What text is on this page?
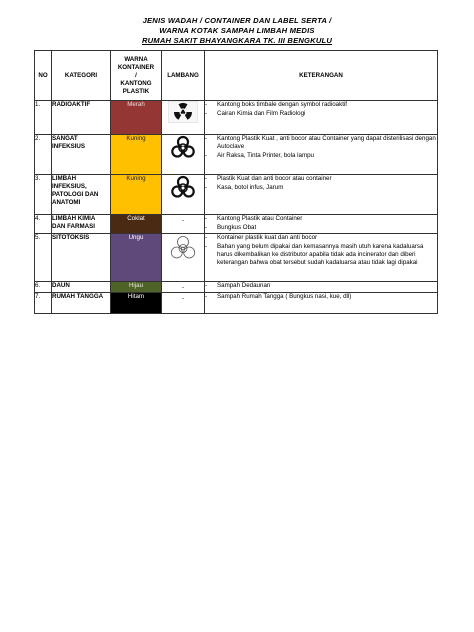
JENIS WADAH / CONTAINER DAN LABEL SERTA /
WARNA KOTAK SAMPAH LIMBAH MEDIS
RUMAH SAKIT BHAYANGKARA TK. III BENGKULU
NO	KATEGORI	WARNA
KONTAINER
/
KANTONG
PLASTIK	LAMBANG	KETERANGAN
1.	RADIOAKTIF	Merah		- Kantong boks timbale dengan symbol radioaktif
- Cairan Kimia dan Film Radiologi

2.	SANGAT INFEKSIUS	Kuning		- Kantong Plastik Kuat , anti bocor atau Container yang dapat disterilisasi dengan Autoclave
- Air Raksa, Tinta Printer, bola lampu

3.	LIMBAH INFEKSIUS, PATOLOGI DAN ANATOMI	Kuning		- Plastik Kuat dan anti bocor atau container
- Kasa, botol infus, Jarum

4.	LIMBAH KIMIA DAN FARMASI	Coklat	-	- Kantong Plastik atau Container
- Bungkus Obat

5.	SITOTOKSIS	Ungu		- Kontainer plastik kuat dan anti bocor
- Bahan yang belum dipakai dan kemasannya masih utuh karena kadaluarsa harus dikembalikan ke distributor apabila tidak ada incinerator dan diberi keterangan bahwa obat tersebut sudah kadaluarsa atau tidak lagi dipakai

6.	DAUN	Hijau	-	- Sampah Dedaunan

7.	RUMAH TANGGA	Hitam	-	- Sampah Rumah Tangga ( Bungkus nasi, kue, dll)
